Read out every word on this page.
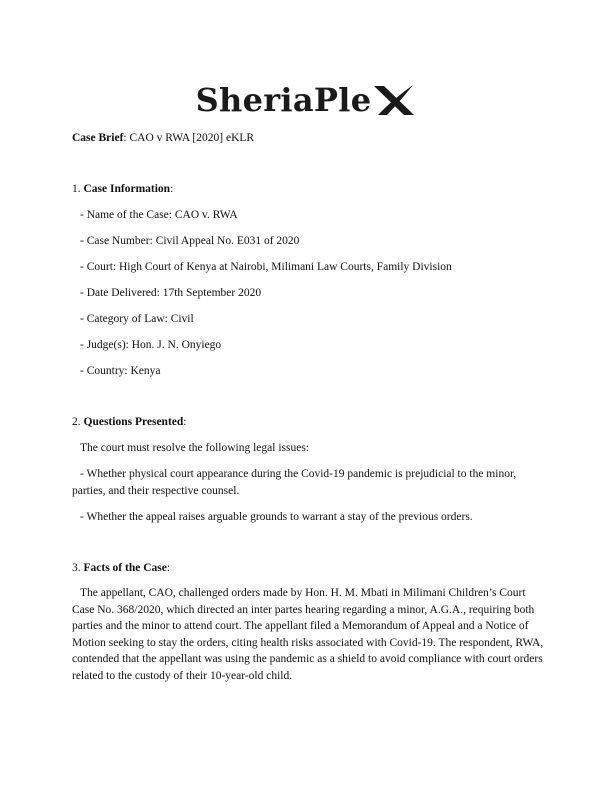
SheriaPle
Case Brief: CAO v RWA [2020] eKLR
1. Case Information:
- Name of the Case: CAO v. RWA
- Case Number: Civil Appeal No. E031 of 2020
- Court: High Court of Kenya at Nairobi, Milimani Law Courts, Family Division
- Date Delivered: 17th September 2020
- Category of Law: Civil
- Judge(s): Hon. J. N. Onyiego
- Country: Kenya
2. Questions Presented:
The court must resolve the following legal issues:
- Whether physical court appearance during the Covid-19 pandemic is prejudicial to the minor, parties, and their respective counsel.
- Whether the appeal raises arguable grounds to warrant a stay of the previous orders.
3. Facts of the Case:
The appellant, CAO, challenged orders made by Hon. H. M. Mbati in Milimani Children’s Court Case No. 368/2020, which directed an inter partes hearing regarding a minor, A.G.A., requiring both parties and the minor to attend court. The appellant filed a Memorandum of Appeal and a Notice of Motion seeking to stay the orders, citing health risks associated with Covid-19. The respondent, RWA, contended that the appellant was using the pandemic as a shield to avoid compliance with court orders related to the custody of their 10-year-old child.
